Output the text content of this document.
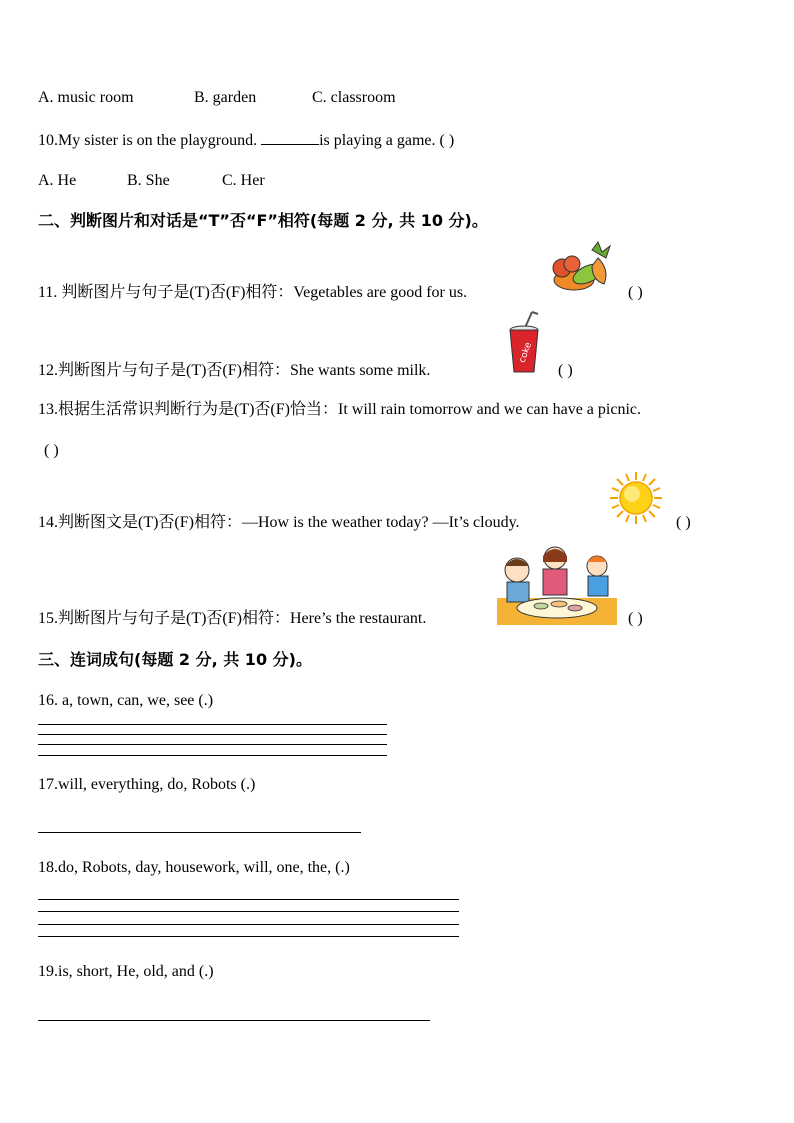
A. music room	B. garden	C. classroom
10.My sister is on the playground.	is playing a game. ( )
A. He	B. She	C. Her
二、判断图片和对话是“T”否“F”相符(每题 2 分, 共 10 分)。
11. 判断图片与句子是(T)否(F)相符：Vegetables are good for us.	( )
12.判断图片与句子是(T)否(F)相符：She wants some milk.
coke
( )
13.根据生活常识判断行为是(T)否(F)恰当：It will rain tomorrow and we can have a picnic.
( )
14.判断图文是(T)否(F)相符：—How is the weather today? —It’s cloudy.	( )
15.判断图片与句子是(T)否(F)相符：Here’s the restaurant.	( )
三、连词成句(每题 2 分, 共 10 分)。
16. a, town, can, we, see (.)
17.will, everything, do, Robots (.)
18.do, Robots, day, housework, will, one, the, (.)
19.is, short, He, old, and (.)
